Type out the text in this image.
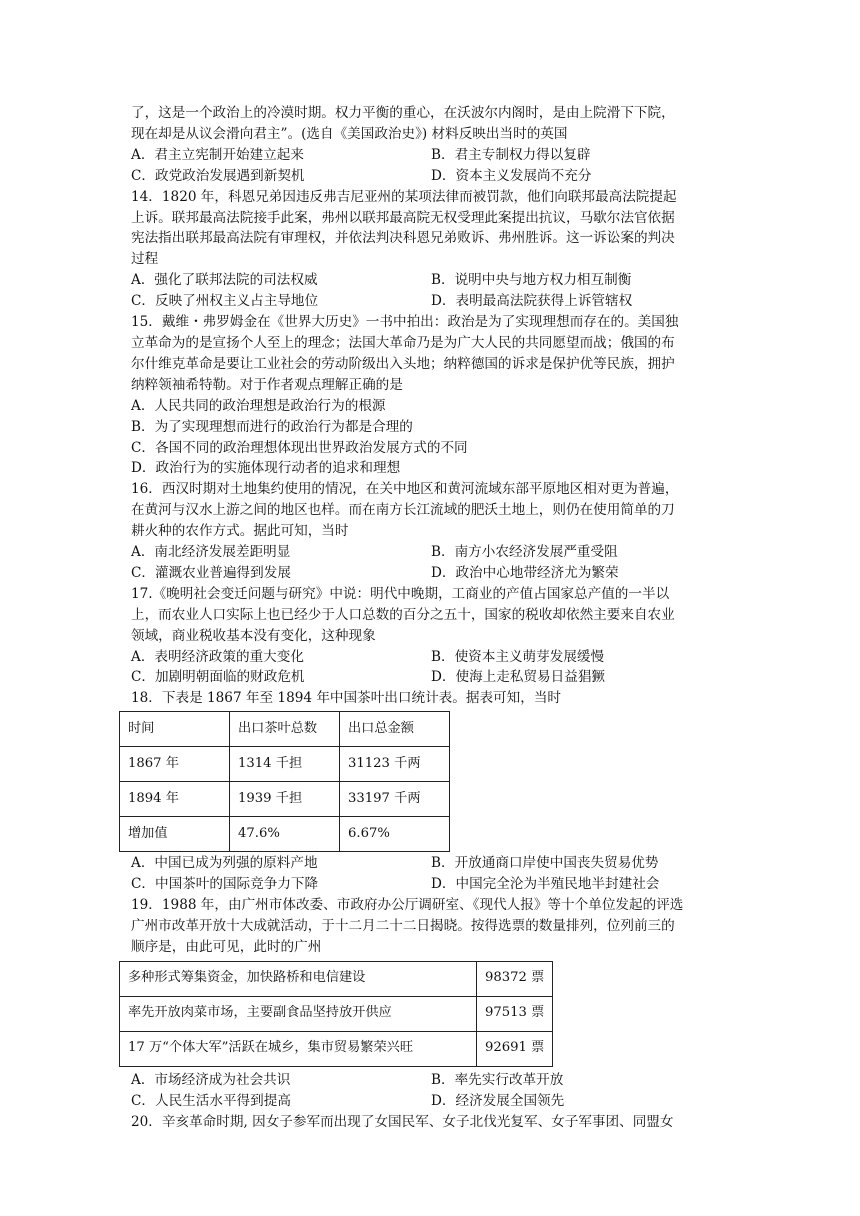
了，这是一个政治上的冷漠时期。权力平衡的重心，在沃波尔内阁时，是由上院滑下下院，

现在却是从议会滑向君主”。(选自《美国政治史》) 材料反映出当时的英国

A．君主立宪制开始建立起来	B．君主专制权力得以复辟
C．政党政治发展遇到新契机	D．资本主义发展尚不充分

14．1820 年，科恩兄弟因违反弗吉尼亚州的某项法律而被罚款，他们向联邦最高法院提起

上诉。联邦最高法院接手此案，弗州以联邦最高院无权受理此案提出抗议，马歇尔法官依据

宪法指出联邦最高法院有审理权，并依法判决科恩兄弟败诉、弗州胜诉。这一诉讼案的判决

过程

A．强化了联邦法院的司法权威	B．说明中央与地方权力相互制衡
C．反映了州权主义占主导地位	D．表明最高法院获得上诉管辖权

15．戴维・弗罗姆金在《世界大历史》一书中拍出：政治是为了实现理想而存在的。美国独

立革命为的是宣扬个人至上的理念；法国大革命乃是为广大人民的共同愿望而战；俄国的布

尔什维克革命是要让工业社会的劳动阶级出入头地；纳粹德国的诉求是保护优等民族，拥护

纳粹领袖希特勒。对于作者观点理解正确的是

A．人民共同的政治理想是政治行为的根源
B．为了实现理想而进行的政治行为都是合理的
C．各国不同的政治理想体现出世界政治发展方式的不同
D．政治行为的实施体现行动者的追求和理想

16．西汉时期对土地集约使用的情况，在关中地区和黄河流域东部平原地区相对更为普遍，

在黄河与汉水上游之间的地区也样。而在南方长江流域的肥沃土地上，则仍在使用简单的刀

耕火种的农作方式。据此可知，当时

A．南北经济发展差距明显	B．南方小农经济发展严重受阻
C．灌溉农业普遍得到发展	D．政治中心地带经济尤为繁荣

17.《晚明社会变迁问题与研究》中说：明代中晚期，工商业的产值占国家总产值的一半以

上，而农业人口实际上也已经少于人口总数的百分之五十，国家的税收却依然主要来自农业

领域，商业税收基本没有变化，这种现象

A．表明经济政策的重大变化	B．使资本主义萌芽发展缓慢
C．加剧明朝面临的财政危机	D．使海上走私贸易日益猖獗

18．下表是 1867 年至 1894 年中国茶叶出口统计表。据表可知，当时

时间	出口茶叶总数	出口总金额
1867 年	1314 千担	31123 千两
1894 年	1939 千担	33197 千两
增加值	47.6%	6.67%
A．中国已成为列强的原料产地	B．开放通商口岸使中国丧失贸易优势
C．中国茶叶的国际竞争力下降	D．中国完全沦为半殖民地半封建社会

19．1988 年，由广州市体改委、市政府办公厅调研室、《现代人报》等十个单位发起的评选

广州市改革开放十大成就活动，于十二月二十二日揭晓。按得选票的数量排列，位列前三的

顺序是，由此可见，此时的广州

多种形式筹集资金，加快路桥和电信建设	98372 票
率先开放肉菜市场，主要副食品坚持放开供应	97513 票
17 万“个体大军”活跃在城乡，集市贸易繁荣兴旺	92691 票
A．市场经济成为社会共识	B．率先实行改革开放
C．人民生活水平得到提高	D．经济发展全国领先

20．辛亥革命时期, 因女子参军而出现了女国民军、女子北伐光复军、女子军事团、同盟女
